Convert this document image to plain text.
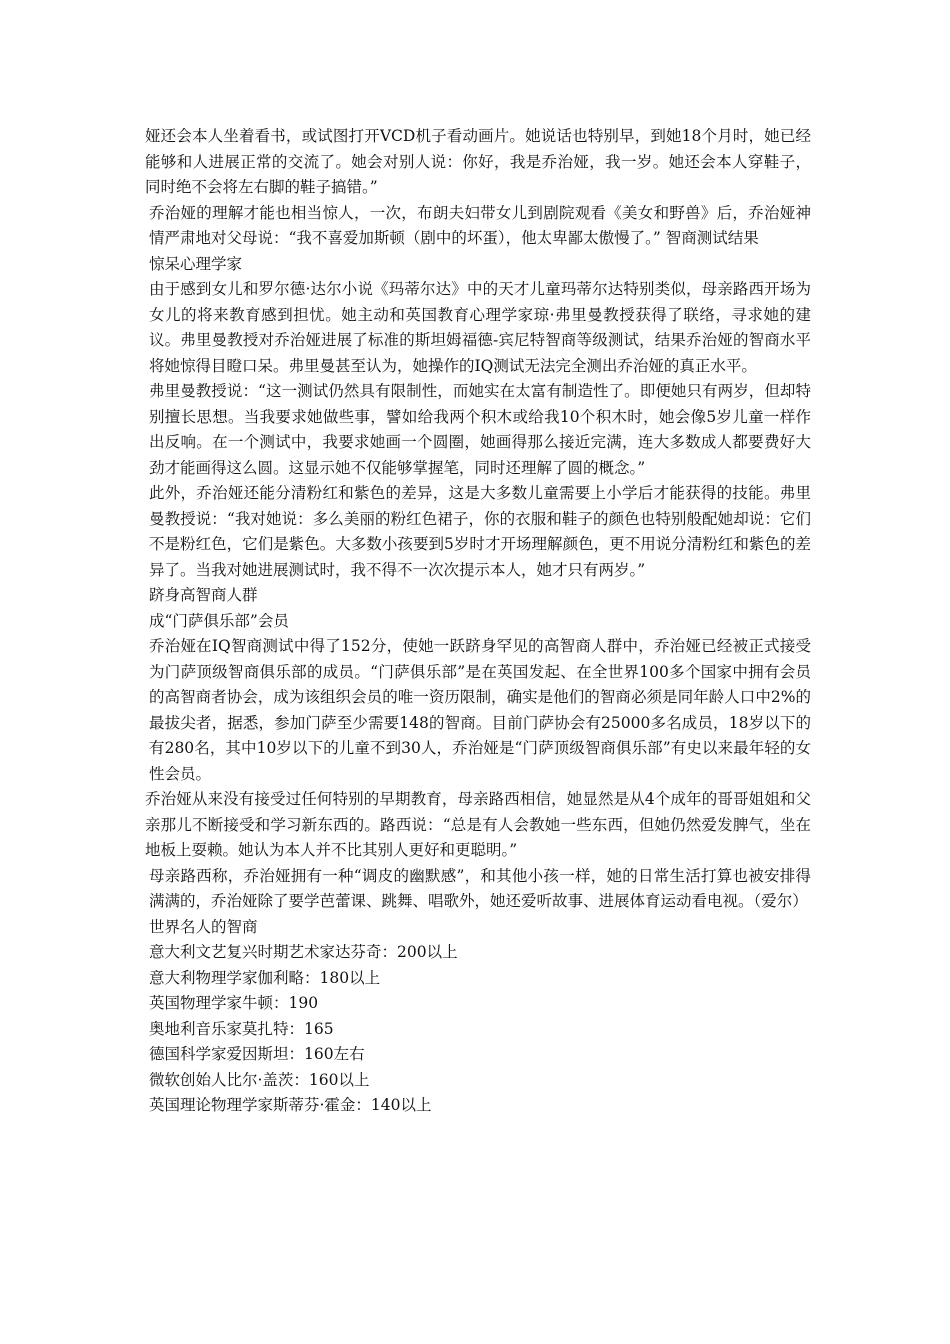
娅还会本人坐着看书，或试图打开VCD机子看动画片。她说话也特别早，到她18个月时，她已经能够和人进展正常的交流了。她会对别人说：你好，我是乔治娅，我一岁。她还会本人穿鞋子，同时绝不会将左右脚的鞋子搞错。”

乔治娅的理解才能也相当惊人，一次，布朗夫妇带女儿到剧院观看《美女和野兽》后，乔治娅神情严肃地对父母说：“我不喜爱加斯顿（剧中的坏蛋），他太卑鄙太傲慢了。” 智商测试结果

惊呆心理学家

由于感到女儿和罗尔德·达尔小说《玛蒂尔达》中的天才儿童玛蒂尔达特别类似，母亲路西开场为女儿的将来教育感到担忧。她主动和英国教育心理学家琼·弗里曼教授获得了联络，寻求她的建议。弗里曼教授对乔治娅进展了标准的斯坦姆福德-宾尼特智商等级测试，结果乔治娅的智商水平将她惊得目瞪口呆。弗里曼甚至认为，她操作的IQ测试无法完全测出乔治娅的真正水平。

弗里曼教授说：“这一测试仍然具有限制性，而她实在太富有制造性了。即便她只有两岁，但却特别擅长思想。当我要求她做些事，譬如给我两个积木或给我10个积木时，她会像5岁儿童一样作出反响。在一个测试中，我要求她画一个圆圈，她画得那么接近完满，连大多数成人都要费好大劲才能画得这么圆。这显示她不仅能够掌握笔，同时还理解了圆的概念。”

此外，乔治娅还能分清粉红和紫色的差异，这是大多数儿童需要上小学后才能获得的技能。弗里曼教授说：“我对她说：多么美丽的粉红色裙子，你的衣服和鞋子的颜色也特别般配她却说：它们不是粉红色，它们是紫色。大多数小孩要到5岁时才开场理解颜色，更不用说分清粉红和紫色的差异了。当我对她进展测试时，我不得不一次次提示本人，她才只有两岁。”

跻身高智商人群

成“门萨俱乐部”会员

乔治娅在IQ智商测试中得了152分，使她一跃跻身罕见的高智商人群中，乔治娅已经被正式接受为门萨顶级智商俱乐部的成员。“门萨俱乐部”是在英国发起、在全世界100多个国家中拥有会员的高智商者协会，成为该组织会员的唯一资历限制，确实是他们的智商必须是同年龄人口中2%的最拔尖者，据悉，参加门萨至少需要148的智商。目前门萨协会有25000多名成员，18岁以下的有280名，其中10岁以下的儿童不到30人，乔治娅是“门萨顶级智商俱乐部”有史以来最年轻的女性会员。

乔治娅从来没有接受过任何特别的早期教育，母亲路西相信，她显然是从4个成年的哥哥姐姐和父亲那儿不断接受和学习新东西的。路西说：“总是有人会教她一些东西，但她仍然爱发脾气，坐在地板上耍赖。她认为本人并不比其别人更好和更聪明。”

母亲路西称，乔治娅拥有一种“调皮的幽默感”，和其他小孩一样，她的日常生活打算也被安排得满满的，乔治娅除了要学芭蕾课、跳舞、唱歌外，她还爱听故事、进展体育运动看电视。（爱尔）

世界名人的智商

意大利文艺复兴时期艺术家达芬奇：200以上

意大利物理学家伽利略：180以上

英国物理学家牛顿：190

奥地利音乐家莫扎特：165

德国科学家爱因斯坦：160左右

微软创始人比尔·盖茨：160以上

英国理论物理学家斯蒂芬·霍金：140以上
